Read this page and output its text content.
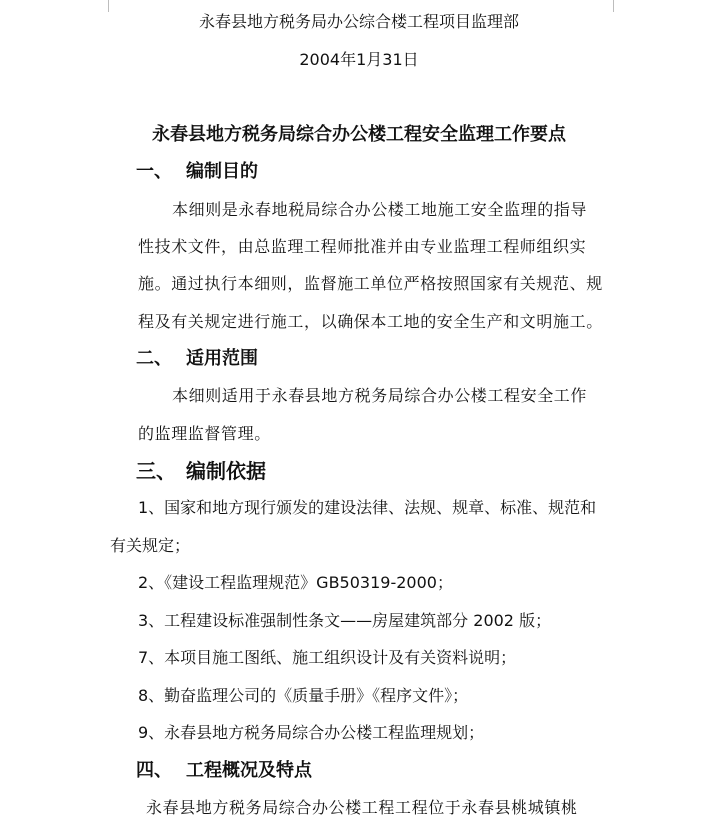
永春县地方税务局办公综合楼工程项目监理部
2004年1月31日
永春县地方税务局综合办公楼工程安全监理工作要点
一、 编制目的
本细则是永春地税局综合办公楼工地施工安全监理的指导
性技术文件，由总监理工程师批准并由专业监理工程师组织实
施。通过执行本细则，监督施工单位严格按照国家有关规范、规
程及有关规定进行施工，以确保本工地的安全生产和文明施工。
二、 适用范围
本细则适用于永春县地方税务局综合办公楼工程安全工作
的监理监督管理。
三、 编制依据
1、国家和地方现行颁发的建设法律、法规、规章、标准、规范和
有关规定；
2、《建设工程监理规范》GB50319-2000；
3、工程建设标准强制性条文——房屋建筑部分 2002 版；
7、本项目施工图纸、施工组织设计及有关资料说明；
8、勤奋监理公司的《质量手册》《程序文件》；
9、永春县地方税务局综合办公楼工程监理规划；
四、 工程概况及特点
永春县地方税务局综合办公楼工程工程位于永春县桃城镇桃
